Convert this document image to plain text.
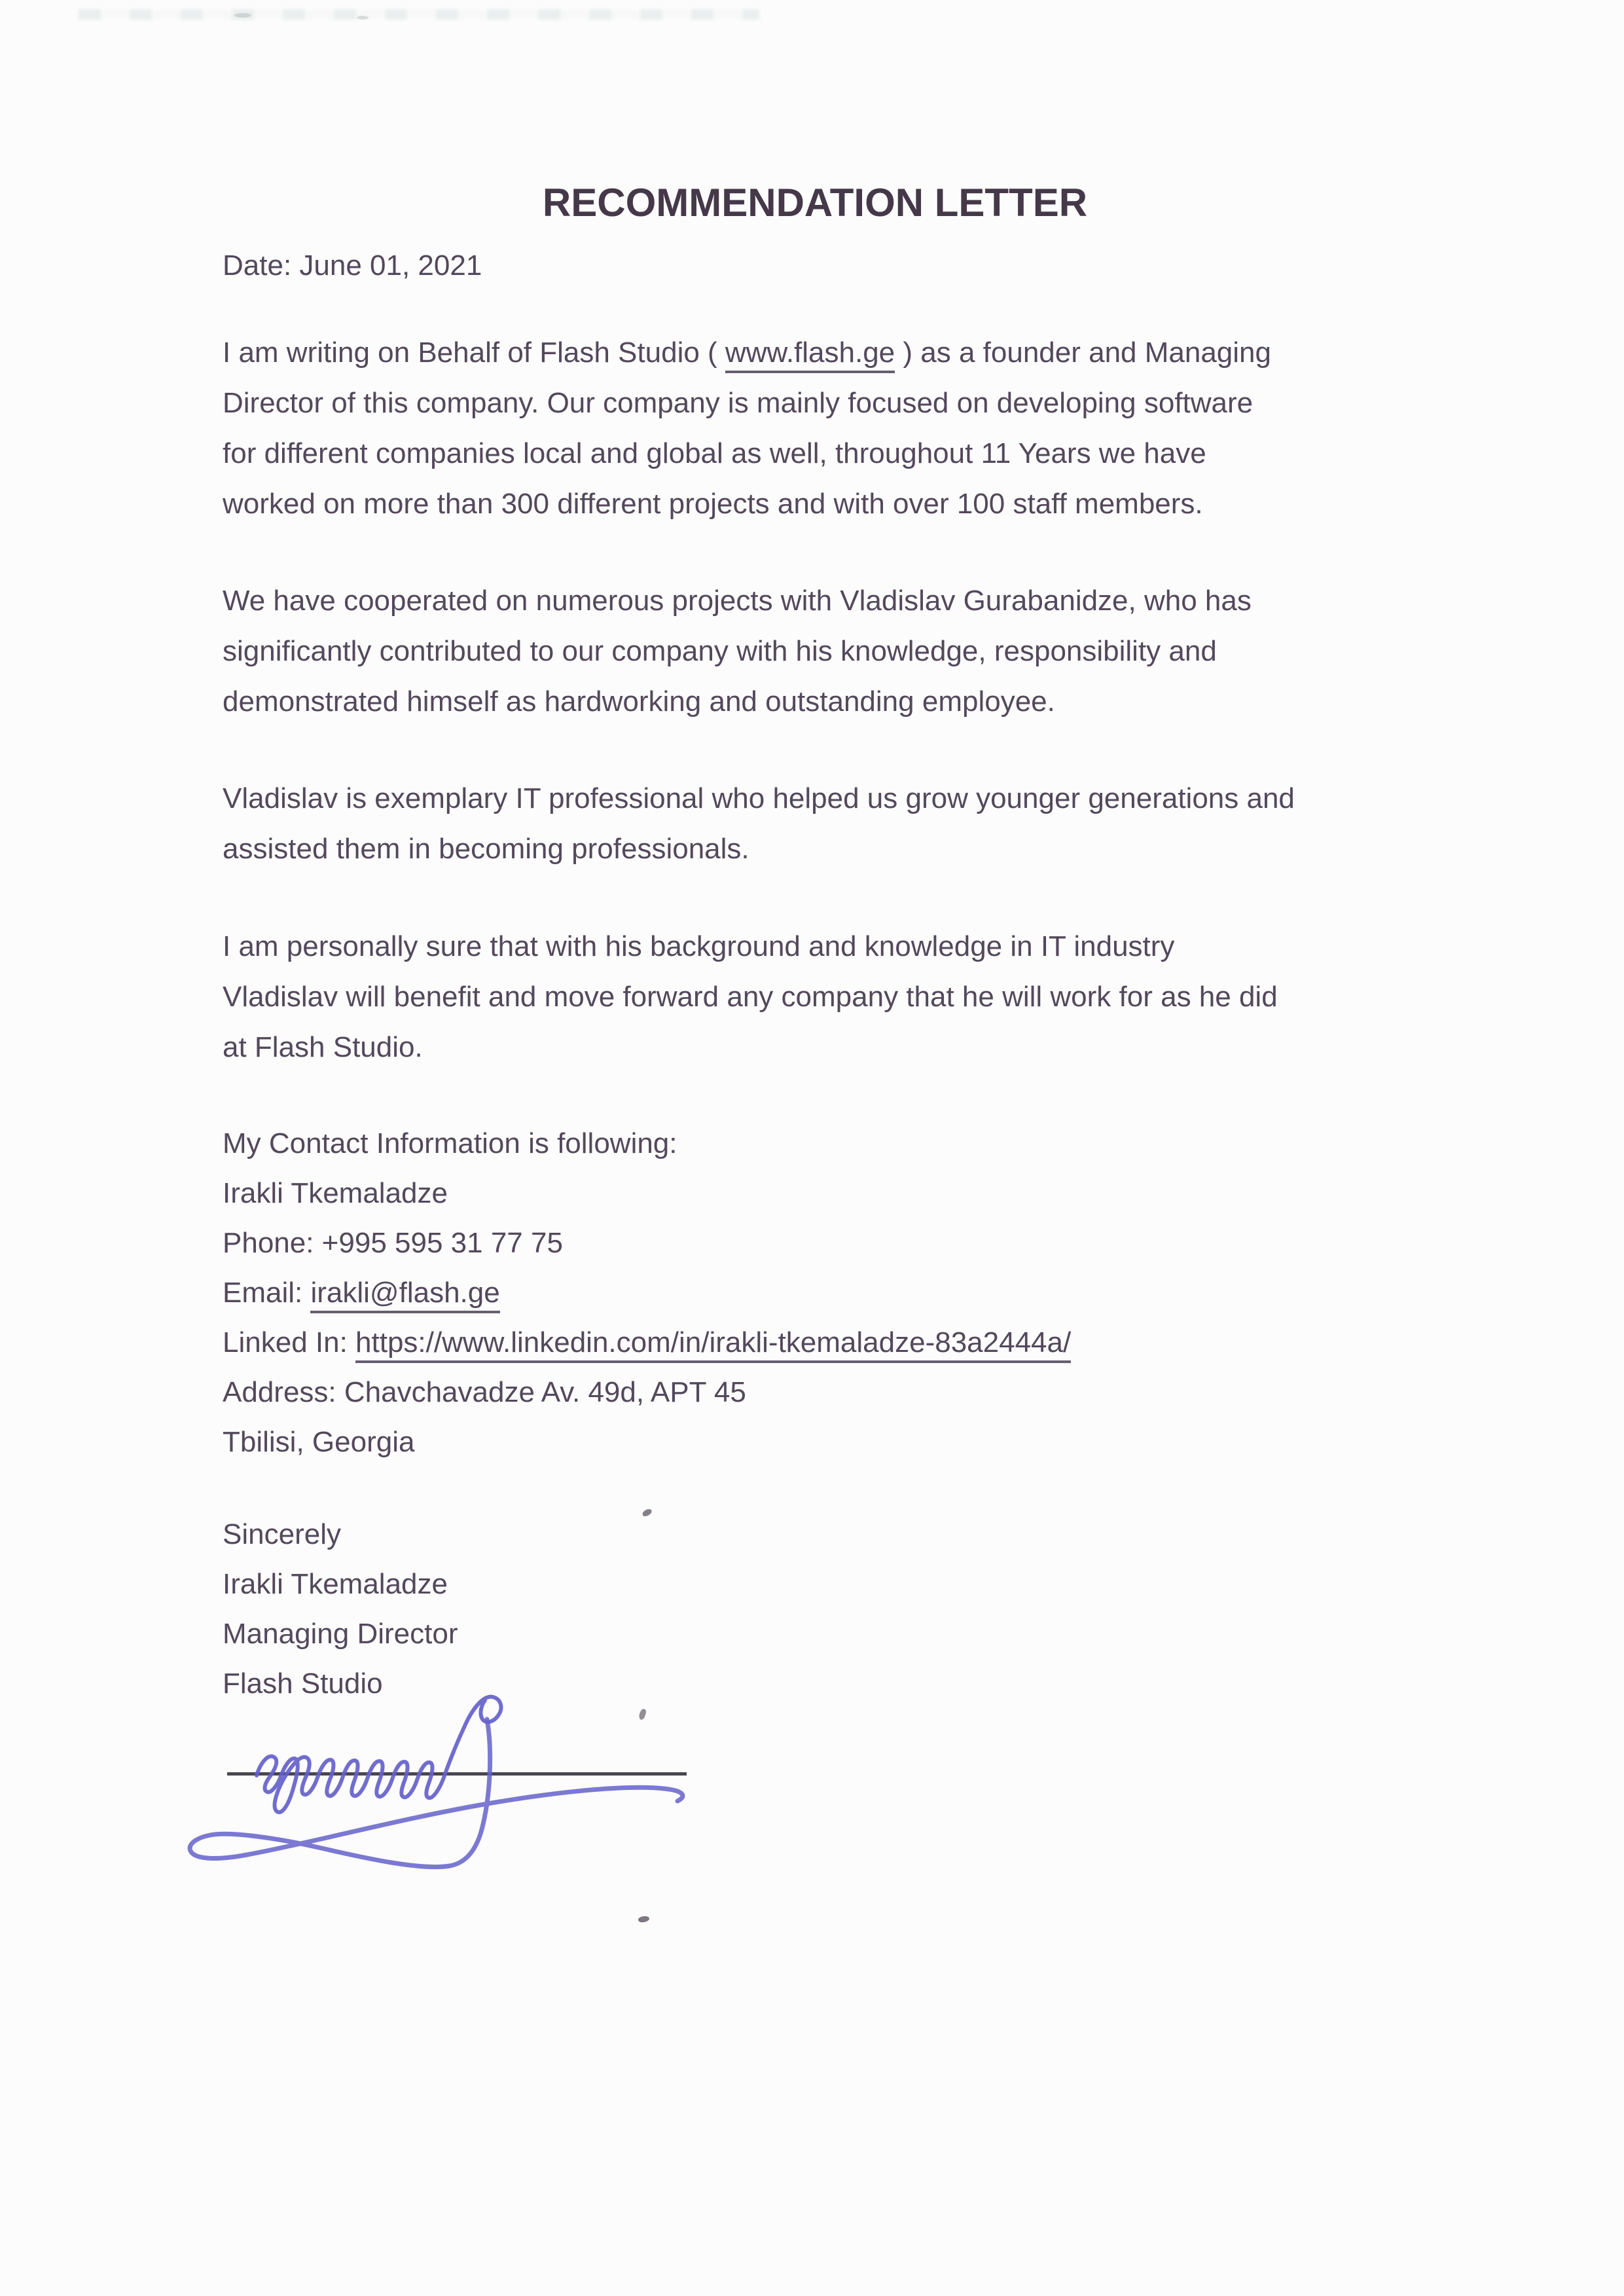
RECOMMENDATION LETTER
Date: June 01, 2021
I am writing on Behalf of Flash Studio ( www.flash.ge ) as a founder and Managing
Director of this company. Our company is mainly focused on developing software
for different companies local and global as well, throughout 11 Years we have
worked on more than 300 different projects and with over 100 staff members.
We have cooperated on numerous projects with Vladislav Gurabanidze, who has
significantly contributed to our company with his knowledge, responsibility and
demonstrated himself as hardworking and outstanding employee.
Vladislav is exemplary IT professional who helped us grow younger generations and
assisted them in becoming professionals.
I am personally sure that with his background and knowledge in IT industry
Vladislav will benefit and move forward any company that he will work for as he did
at Flash Studio.
My Contact Information is following:
Irakli Tkemaladze
Phone: +995 595 31 77 75
Email: irakli@flash.ge
Linked In: https://www.linkedin.com/in/irakli-tkemaladze-83a2444a/
Address: Chavchavadze Av. 49d, APT 45
Tbilisi, Georgia
Sincerely
Irakli Tkemaladze
Managing Director
Flash Studio
